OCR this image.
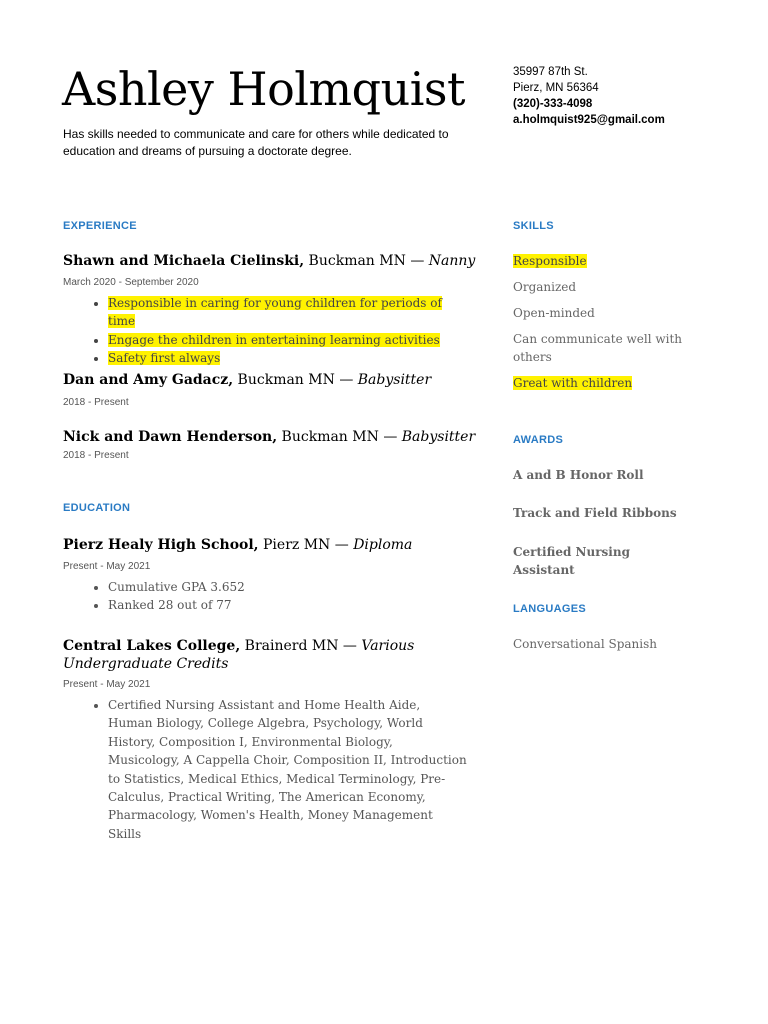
Ashley Holmquist
Has skills needed to communicate and care for others while dedicated to education and dreams of pursuing a doctorate degree.
35997 87th St.
Pierz, MN 56364
(320)-333-4098
a.holmquist925@gmail.com
EXPERIENCE
Shawn and Michaela Cielinski, Buckman MN — Nanny
March 2020 - September 2020
• Responsible in caring for young children for periods of time
• Engage the children in entertaining learning activities
• Safety first always
Dan and Amy Gadacz, Buckman MN — Babysitter
2018 - Present
Nick and Dawn Henderson, Buckman MN — Babysitter
2018 - Present
EDUCATION
Pierz Healy High School, Pierz MN — Diploma
Present - May 2021
• Cumulative GPA 3.652
• Ranked 28 out of 77
Central Lakes College, Brainerd MN — Various
Undergraduate Credits
Present - May 2021
• Certified Nursing Assistant and Home Health Aide, Human Biology, College Algebra, Psychology, World History, Composition I, Environmental Biology, Musicology, A Cappella Choir, Composition II, Introduction to Statistics, Medical Ethics, Medical Terminology, Pre-Calculus, Practical Writing, The American Economy, Pharmacology, Women's Health, Money Management Skills
SKILLS
Responsible
Organized
Open-minded
Can communicate well with others
Great with children
AWARDS
A and B Honor Roll
Track and Field Ribbons
Certified Nursing Assistant
LANGUAGES
Conversational Spanish
